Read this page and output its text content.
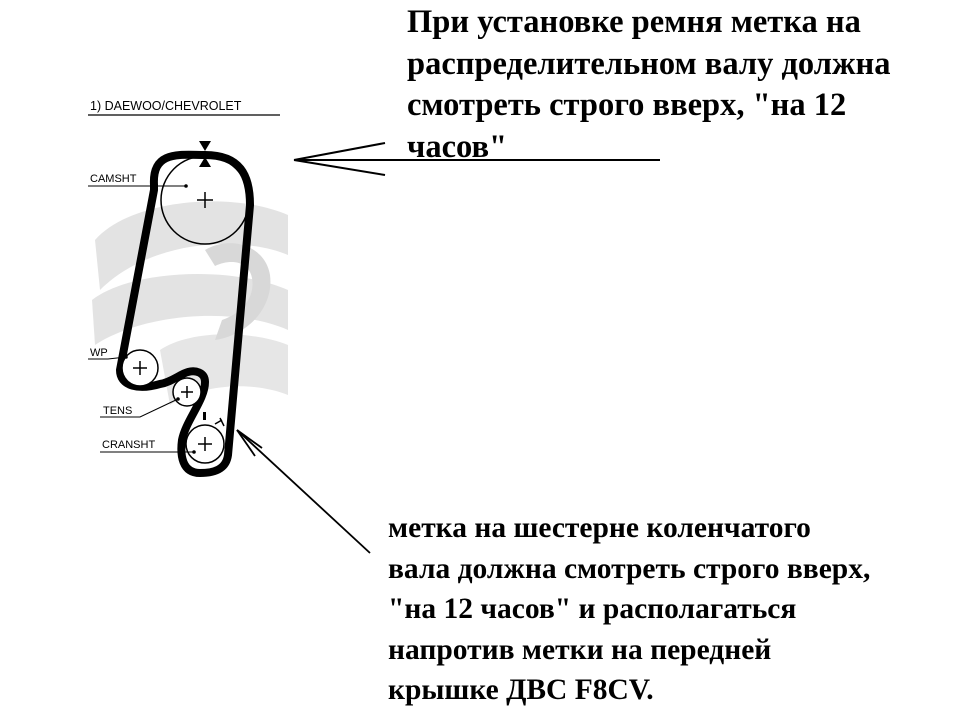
1) DAEWOO/CHEVROLET
CAMSHT
WP
TENS
CRANSHT
При установке ремня метка на
распределительном валу должна
смотреть строго вверх, "на 12
часов"
метка на шестерне коленчатого
вала должна смотреть строго вверх,
"на 12 часов" и располагаться
напротив метки на передней
крышке ДВС F8CV.
